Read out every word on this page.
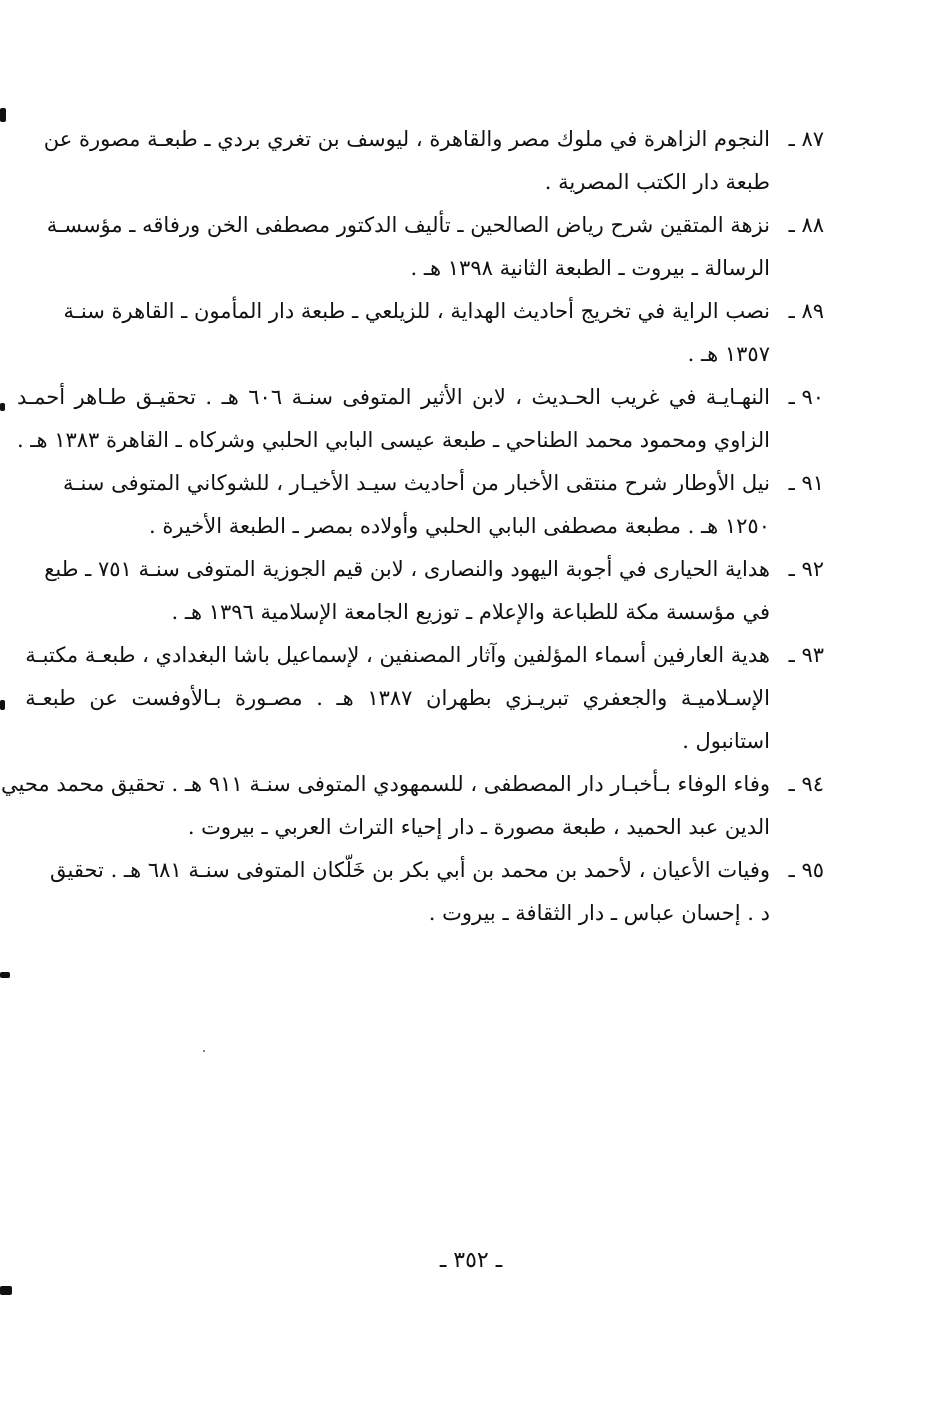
٨٧ ـ
النجوم الزاهرة في ملوك مصر والقاهرة ، ليوسف بن تغري بردي ـ طبعـة مصورة عن
طبعة دار الكتب المصرية .
٨٨ ـ
نزهة المتقين شرح رياض الصالحين ـ تأليف الدكتور مصطفى الخن ورفاقه ـ مؤسسـة
الرسالة ـ بيروت ـ الطبعة الثانية ١٣٩٨ هـ .
٨٩ ـ
نصب الراية في تخريج أحاديث الهداية ، للزيلعي ـ طبعة دار المأمون ـ القاهرة سنـة
١٣٥٧ هـ .
٩٠ ـ
النهـايـة في غريب الحـديث ، لابن الأثير المتوفى سنـة ٦٠٦ هـ . تحقيـق طـاهر أحمـد
الزاوي ومحمود محمد الطناحي ـ طبعة عيسى البابي الحلبي وشركاه ـ القاهرة ١٣٨٣ هـ .
٩١ ـ
نيل الأوطار شرح منتقى الأخبار من أحاديث سيـد الأخيـار ، للشوكاني المتوفى سنـة
١٢٥٠ هـ . مطبعة مصطفى البابي الحلبي وأولاده بمصر ـ الطبعة الأخيرة .
٩٢ ـ
هداية الحيارى في أجوبة اليهود والنصارى ، لابن قيم الجوزية المتوفى سنـة ٧٥١ ـ طبع
في مؤسسة مكة للطباعة والإعلام ـ توزيع الجامعة الإسلامية ١٣٩٦ هـ .
٩٣ ـ
هدية العارفين أسماء المؤلفين وآثار المصنفين ، لإسماعيل باشا البغدادي ، طبعـة مكتبـة
الإسـلاميـة والجعفري تبريـزي بطهران ١٣٨٧ هـ . مصـورة بـالأوفست عن طبعـة
استانبول .
٩٤ ـ
وفاء الوفاء بـأخبـار دار المصطفى ، للسمهودي المتوفى سنـة ٩١١ هـ . تحقيق محمد محيي
الدين عبد الحميد ، طبعة مصورة ـ دار إحياء التراث العربي ـ بيروت .
٩٥ ـ
وفيات الأعيان ، لأحمد بن محمد بن أبي بكر بن خَلّكان المتوفى سنـة ٦٨١ هـ . تحقيق
د . إحسان عباس ـ دار الثقافة ـ بيروت .
ـ ٣٥٢ ـ
